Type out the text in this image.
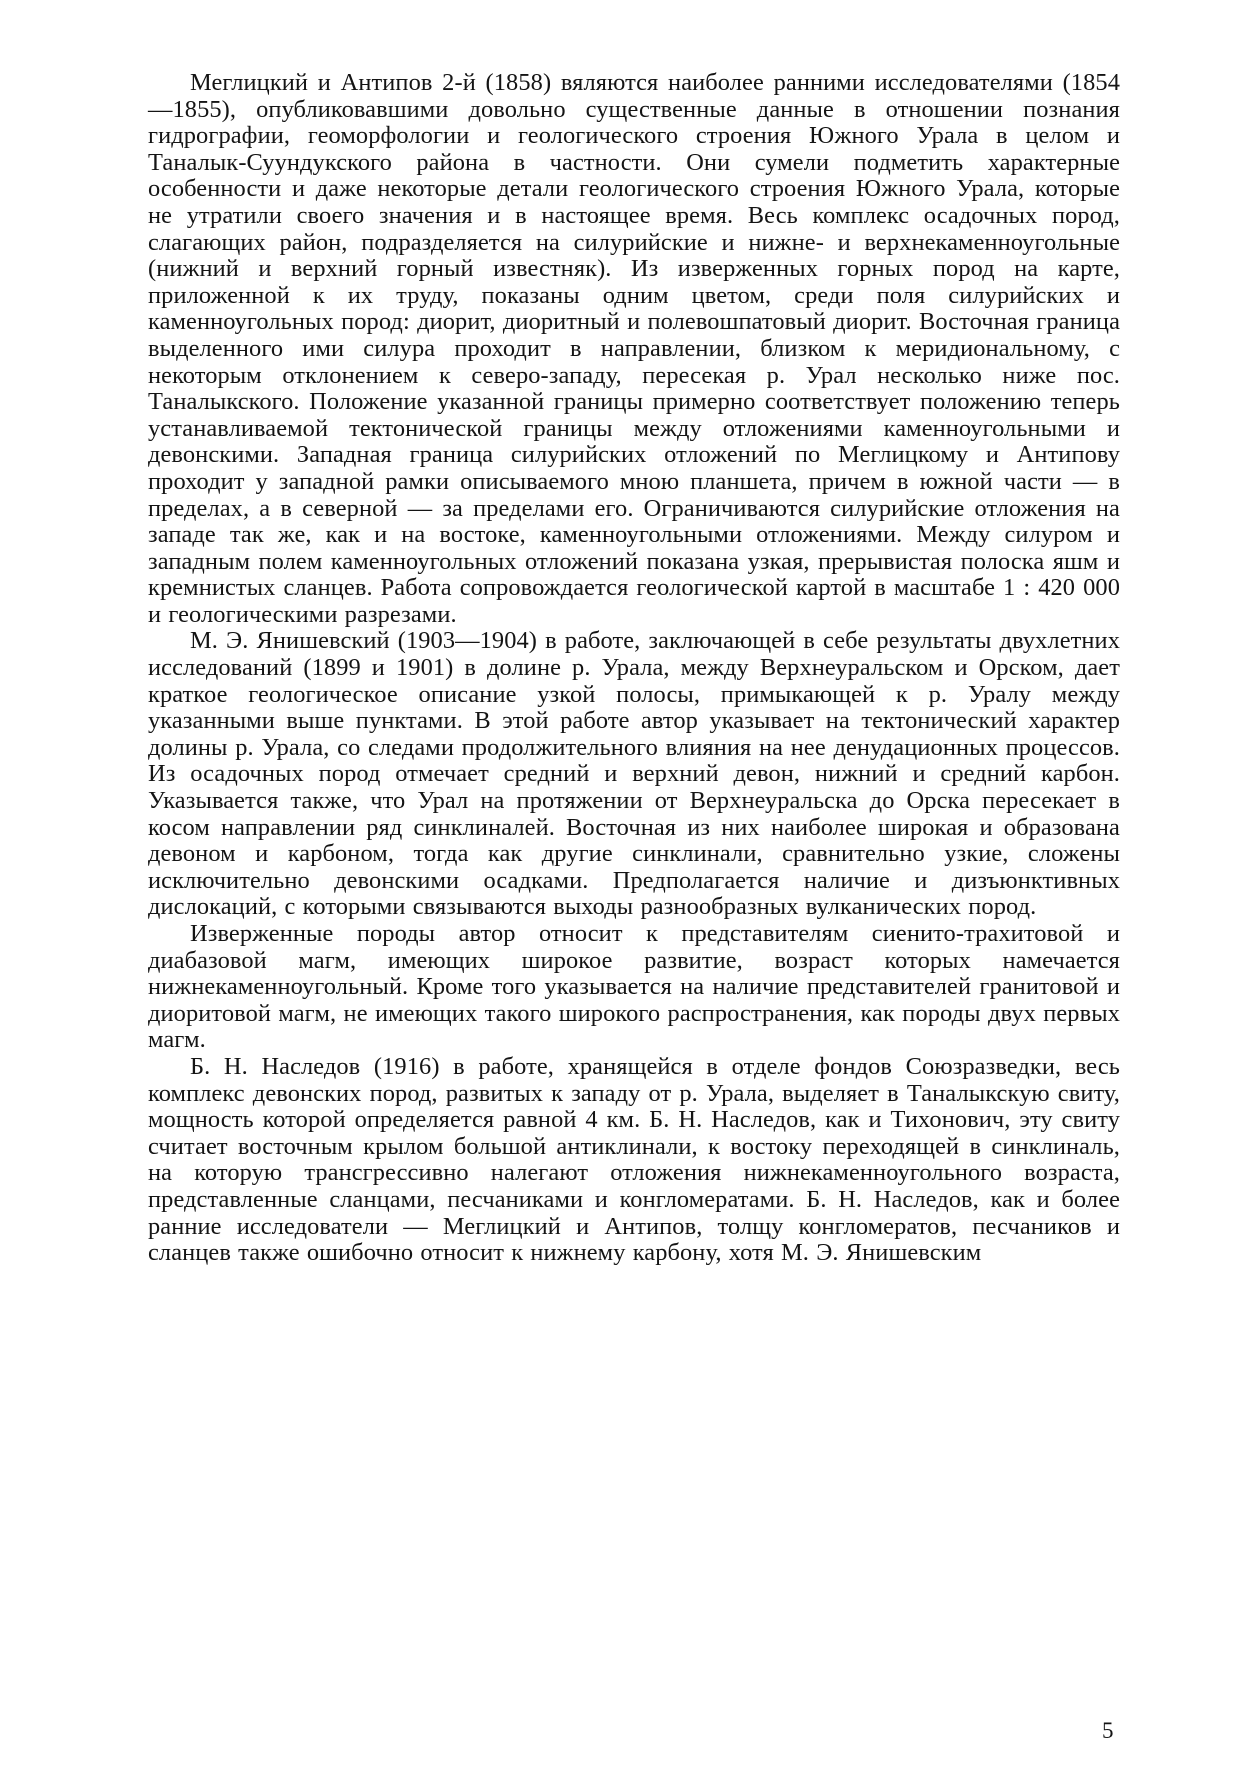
Меглицкий и Антипов 2-й (1858) вяляются наиболее ранними исследователями (1854—1855), опубликовавшими довольно существенные данные в отношении познания гидрографии, геоморфологии и геологического строения Южного Урала в целом и Таналык-Суундукского района в частности. Они сумели подметить характерные особенности и даже некоторые детали геологического строения Южного Урала, которые не утратили своего значения и в настоящее время. Весь комплекс осадочных пород, слагающих район, подразделяется на силурийские и нижне- и верхнекаменноугольные (нижний и верхний горный известняк). Из изверженных горных пород на карте, приложенной к их труду, показаны одним цветом, среди поля силурийских и каменноугольных пород: диорит, диоритный и полевошпатовый диорит. Восточная граница выделенного ими силура проходит в направлении, близком к меридиональному, с некоторым отклонением к северо-западу, пересекая р. Урал несколько ниже пос. Таналыкского. Положение указанной границы примерно соответствует положению теперь устанавливаемой тектонической границы между отложениями каменноугольными и девонскими. Западная граница силурийских отложений по Меглицкому и Антипову проходит у западной рамки описываемого мною планшета, причем в южной части — в пределах, а в северной — за пределами его. Ограничиваются силурийские отложения на западе так же, как и на востоке, каменноугольными отложениями. Между силуром и западным полем каменноугольных отложений показана узкая, прерывистая полоска яшм и кремнистых сланцев. Работа сопровождается геологической картой в масштабе 1 : 420 000 и геологическими разрезами.

М. Э. Янишевский (1903—1904) в работе, заключающей в себе результаты двухлетних исследований (1899 и 1901) в долине р. Урала, между Верхнеуральском и Орском, дает краткое геологическое описание узкой полосы, примыкающей к р. Уралу между указанными выше пунктами. В этой работе автор указывает на тектонический характер долины р. Урала, со следами продолжительного влияния на нее денудационных процессов. Из осадочных пород отмечает средний и верхний девон, нижний и средний карбон. Указывается также, что Урал на протяжении от Верхнеуральска до Орска пересекает в косом направлении ряд синклиналей. Восточная из них наиболее широкая и образована девоном и карбоном, тогда как другие синклинали, сравнительно узкие, сложены исключительно девонскими осадками. Предполагается наличие и дизъюнктивных дислокаций, с которыми связываются выходы разнообразных вулканических пород.

Изверженные породы автор относит к представителям сиенито-трахитовой и диабазовой магм, имеющих широкое развитие, возраст которых намечается нижнекаменноугольный. Кроме того указывается на наличие представителей гранитовой и диоритовой магм, не имеющих такого широкого распространения, как породы двух первых магм.

Б. Н. Наследов (1916) в работе, хранящейся в отделе фондов Союзразведки, весь комплекс девонских пород, развитых к западу от р. Урала, выделяет в Таналыкскую свиту, мощность которой определяется равной 4 км. Б. Н. Наследов, как и Тихонович, эту свиту считает восточным крылом большой антиклинали, к востоку переходящей в синклиналь, на которую трансгрессивно налегают отложения нижнекаменноугольного возраста, представленные сланцами, песчаниками и конгломератами. Б. Н. Наследов, как и более ранние исследователи — Меглицкий и Антипов, толщу конгломератов, песчаников и сланцев также ошибочно относит к нижнему карбону, хотя М. Э. Янишевским

5
